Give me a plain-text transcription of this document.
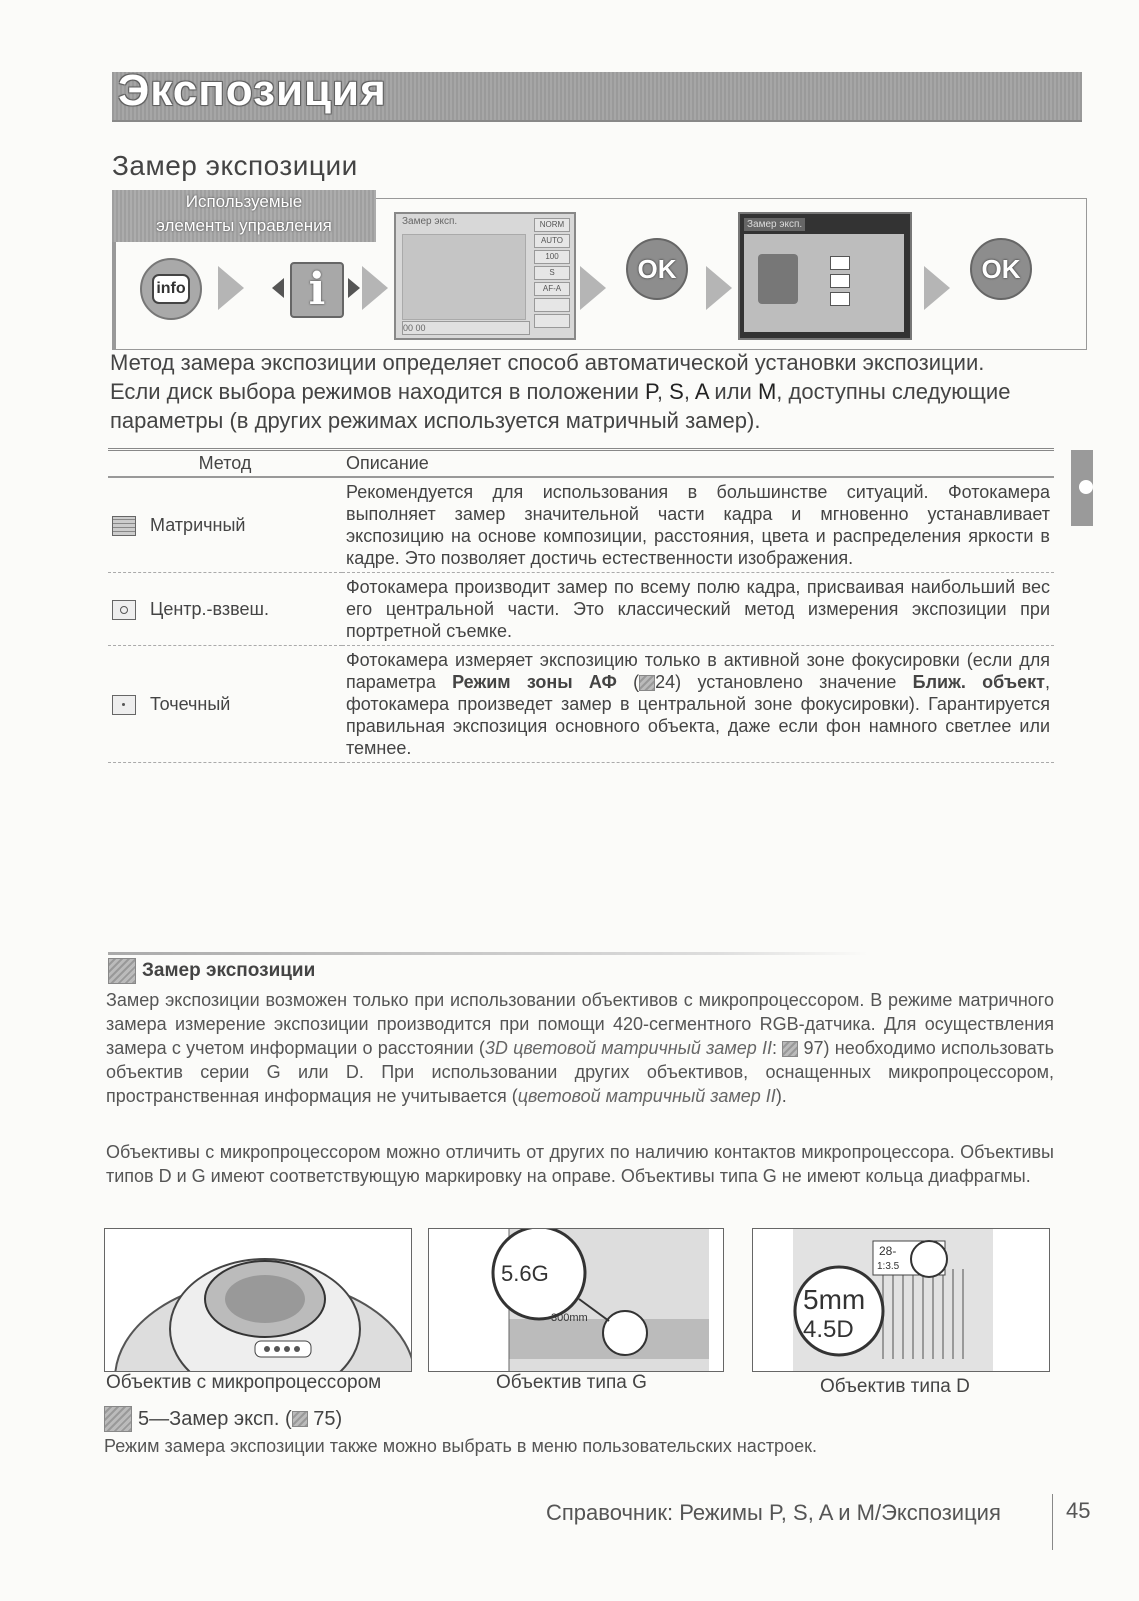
Экспозиция
Замер экспозиции
Используемые
элементы управления
info	i
Замер эксп.	NORM
AUTO
100
S
AF-A
00 00
OK
Замер эксп.
OK
Метод замера экспозиции определяет способ автоматической установки экспозиции.
Если диск выбора режимов находится в положении P, S, A или M, доступны следующие
параметры (в других режимах используется матричный замер).
Метод	Описание
Матричный	Рекомендуется для использования в большинстве ситуаций. Фотокамера выполняет замер значительной части кадра и мгновенно устанавливает экспозицию на основе композиции, расстояния, цвета и распределения яркости в кадре. Это позволяет достичь естественности изображения.

Центр.-взвеш.	Фотокамера производит замер по всему полю кадра, присваивая наибольший вес его центральной части. Это классический метод измерения экспозиции при портретной съемке.

Точечный	Фотокамера измеряет экспозицию только в активной зоне фокусировки (если для параметра Режим зоны АФ ( 24) установлено значение Ближ. объект, фотокамера произведет замер в центральной зоне фокусировки). Гарантируется правильная экспозиция основного объекта, даже если фон намного светлее или темнее.
Замер экспозиции
Замер экспозиции возможен только при использовании объективов с микропроцессором. В режиме матричного замера измерение экспозиции производится при помощи 420-сегментного RGB-датчика. Для осуществления замера с учетом информации о расстоянии (3D цветовой матричный замер II:  97) необходимо использовать объектив серии G или D. При использовании других объективов, оснащенных микропроцессором, пространственная информация не учитывается (цветовой матричный замер II).
Объективы с микропроцессором можно отличить от других по наличию контактов микропроцессора. Объективы типов D и G имеют соответствующую маркировку на оправе. Объективы типа G не имеют кольца диафрагмы.
5.6G
300mm
28-
1:3.5
5mm
4.5D
Объектив с микропроцессором	Объектив типа G	Объектив типа D
5—Замер эксп. ( 75)
Режим замера экспозиции также можно выбрать в меню пользовательских настроек.
Справочник: Режимы P, S, A и M/Экспозиция	45
